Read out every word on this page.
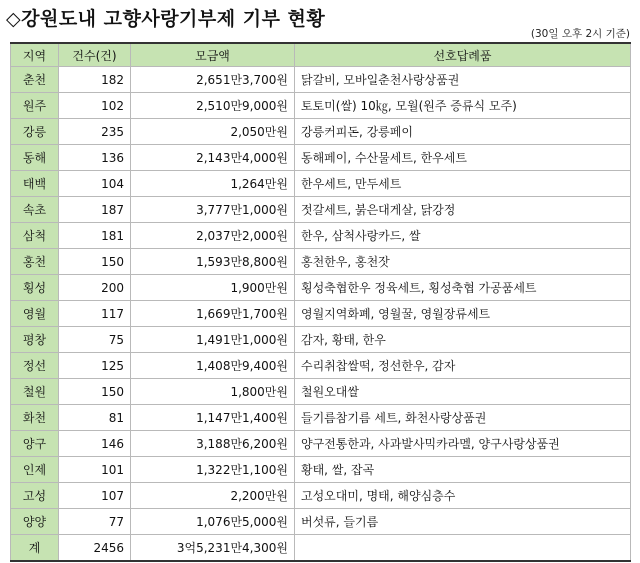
◇강원도내 고향사랑기부제 기부 현황
(30일 오후 2시 기준)
지역	건수(건)	모금액	선호답례품
춘천	182	2,651만3,700원	닭갈비, 모바일춘천사랑상품권
원주	102	2,510만9,000원	토토미(쌀) 10㎏, 모월(원주 증류식 모주)
강릉	235	2,050만원	강릉커피돈, 강릉페이
동해	136	2,143만4,000원	동해페이, 수산물세트, 한우세트
태백	104	1,264만원	한우세트, 만두세트
속초	187	3,777만1,000원	젓갈세트, 붉은대게살, 닭강정
삼척	181	2,037만2,000원	한우, 삼척사랑카드, 쌀
홍천	150	1,593만8,800원	홍천한우, 홍천잣
횡성	200	1,900만원	횡성축협한우 정육세트, 횡성축협 가공품세트
영월	117	1,669만1,700원	영월지역화폐, 영월꿀, 영월장류세트
평창	75	1,491만1,000원	감자, 황태, 한우
정선	125	1,408만9,400원	수리취찹쌀떡, 정선한우, 감자
철원	150	1,800만원	철원오대쌀
화천	81	1,147만1,400원	들기름참기름 세트, 화천사랑상품권
양구	146	3,188만6,200원	양구전통한과, 사과발사믹카라멜, 양구사랑상품권
인제	101	1,322만1,100원	황태, 쌀, 잡곡
고성	107	2,200만원	고성오대미, 명태, 해양심층수
양양	77	1,076만5,000원	버섯류, 들기름
계	2456	3억5,231만4,300원	
